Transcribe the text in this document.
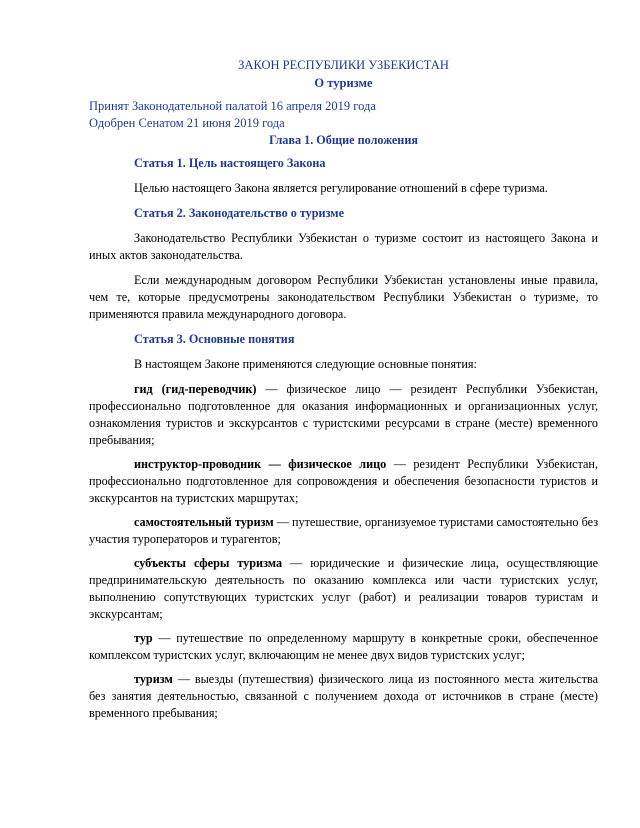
ЗАКОН РЕСПУБЛИКИ УЗБЕКИСТАН

О туризме

Принят Законодательной палатой 16 апреля 2019 года

Одобрен Сенатом 21 июня 2019 года

Глава 1. Общие положения

Статья 1. Цель настоящего Закона

Целью настоящего Закона является регулирование отношений в сфере туризма.

Статья 2. Законодательство о туризме

Законодательство Республики Узбекистан о туризме состоит из настоящего Закона и иных актов законодательства.

Если международным договором Республики Узбекистан установлены иные правила, чем те, которые предусмотрены законодательством Республики Узбекистан о туризме, то применяются правила международного договора.

Статья 3. Основные понятия

В настоящем Законе применяются следующие основные понятия:

гид (гид-переводчик) — физическое лицо — резидент Республики Узбекистан, профессионально подготовленное для оказания информационных и организационных услуг, ознакомления туристов и экскурсантов с туристскими ресурсами в стране (месте) временного пребывания;

инструктор-проводник — физическое лицо — резидент Республики Узбекистан, профессионально подготовленное для сопровождения и обеспечения безопасности туристов и экскурсантов на туристских маршрутах;

самостоятельный туризм — путешествие, организуемое туристами самостоятельно без участия туроператоров и турагентов;

субъекты сферы туризма — юридические и физические лица, осуществляющие предпринимательскую деятельность по оказанию комплекса или части туристских услуг, выполнению сопутствующих туристских услуг (работ) и реализации товаров туристам и экскурсантам;

тур — путешествие по определенному маршруту в конкретные сроки, обеспеченное комплексом туристских услуг, включающим не менее двух видов туристских услуг;

туризм — выезды (путешествия) физического лица из постоянного места жительства без занятия деятельностью, связанной с получением дохода от источников в стране (месте) временного пребывания;
